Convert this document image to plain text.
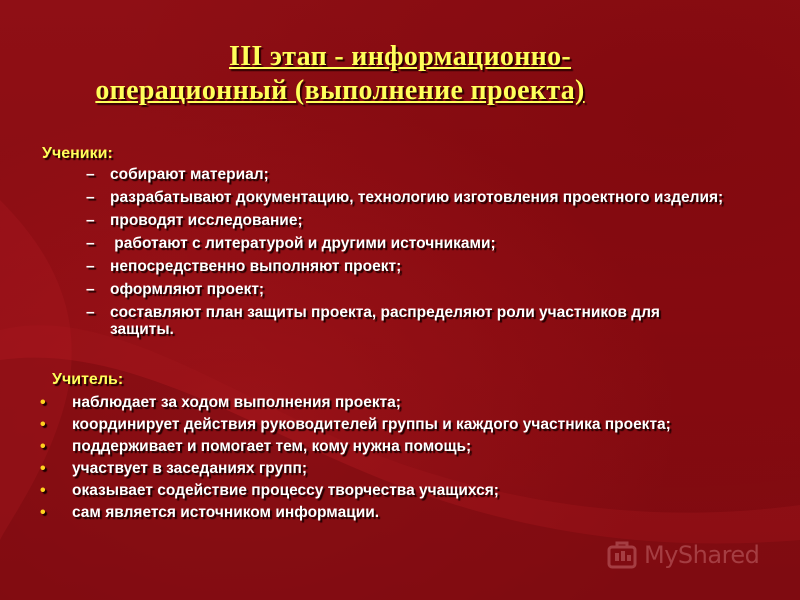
III этап - информационно-
операционный (выполнение проекта)
Ученики:
– собирают материал;
– разрабатывают документацию, технологию изготовления проектного изделия;
– проводят исследование;
– работают с литературой и другими источниками;
– непосредственно выполняют проект;
– оформляют проект;
– составляют план защиты проекта, распределяют роли участников для защиты.
Учитель:
• наблюдает за ходом выполнения проекта;
• координирует действия руководителей группы и каждого участника проекта;
• поддерживает и помогает тем, кому нужна помощь;
• участвует в заседаниях групп;
• оказывает содействие процессу творчества учащихся;
• сам является источником информации.
MyShared
